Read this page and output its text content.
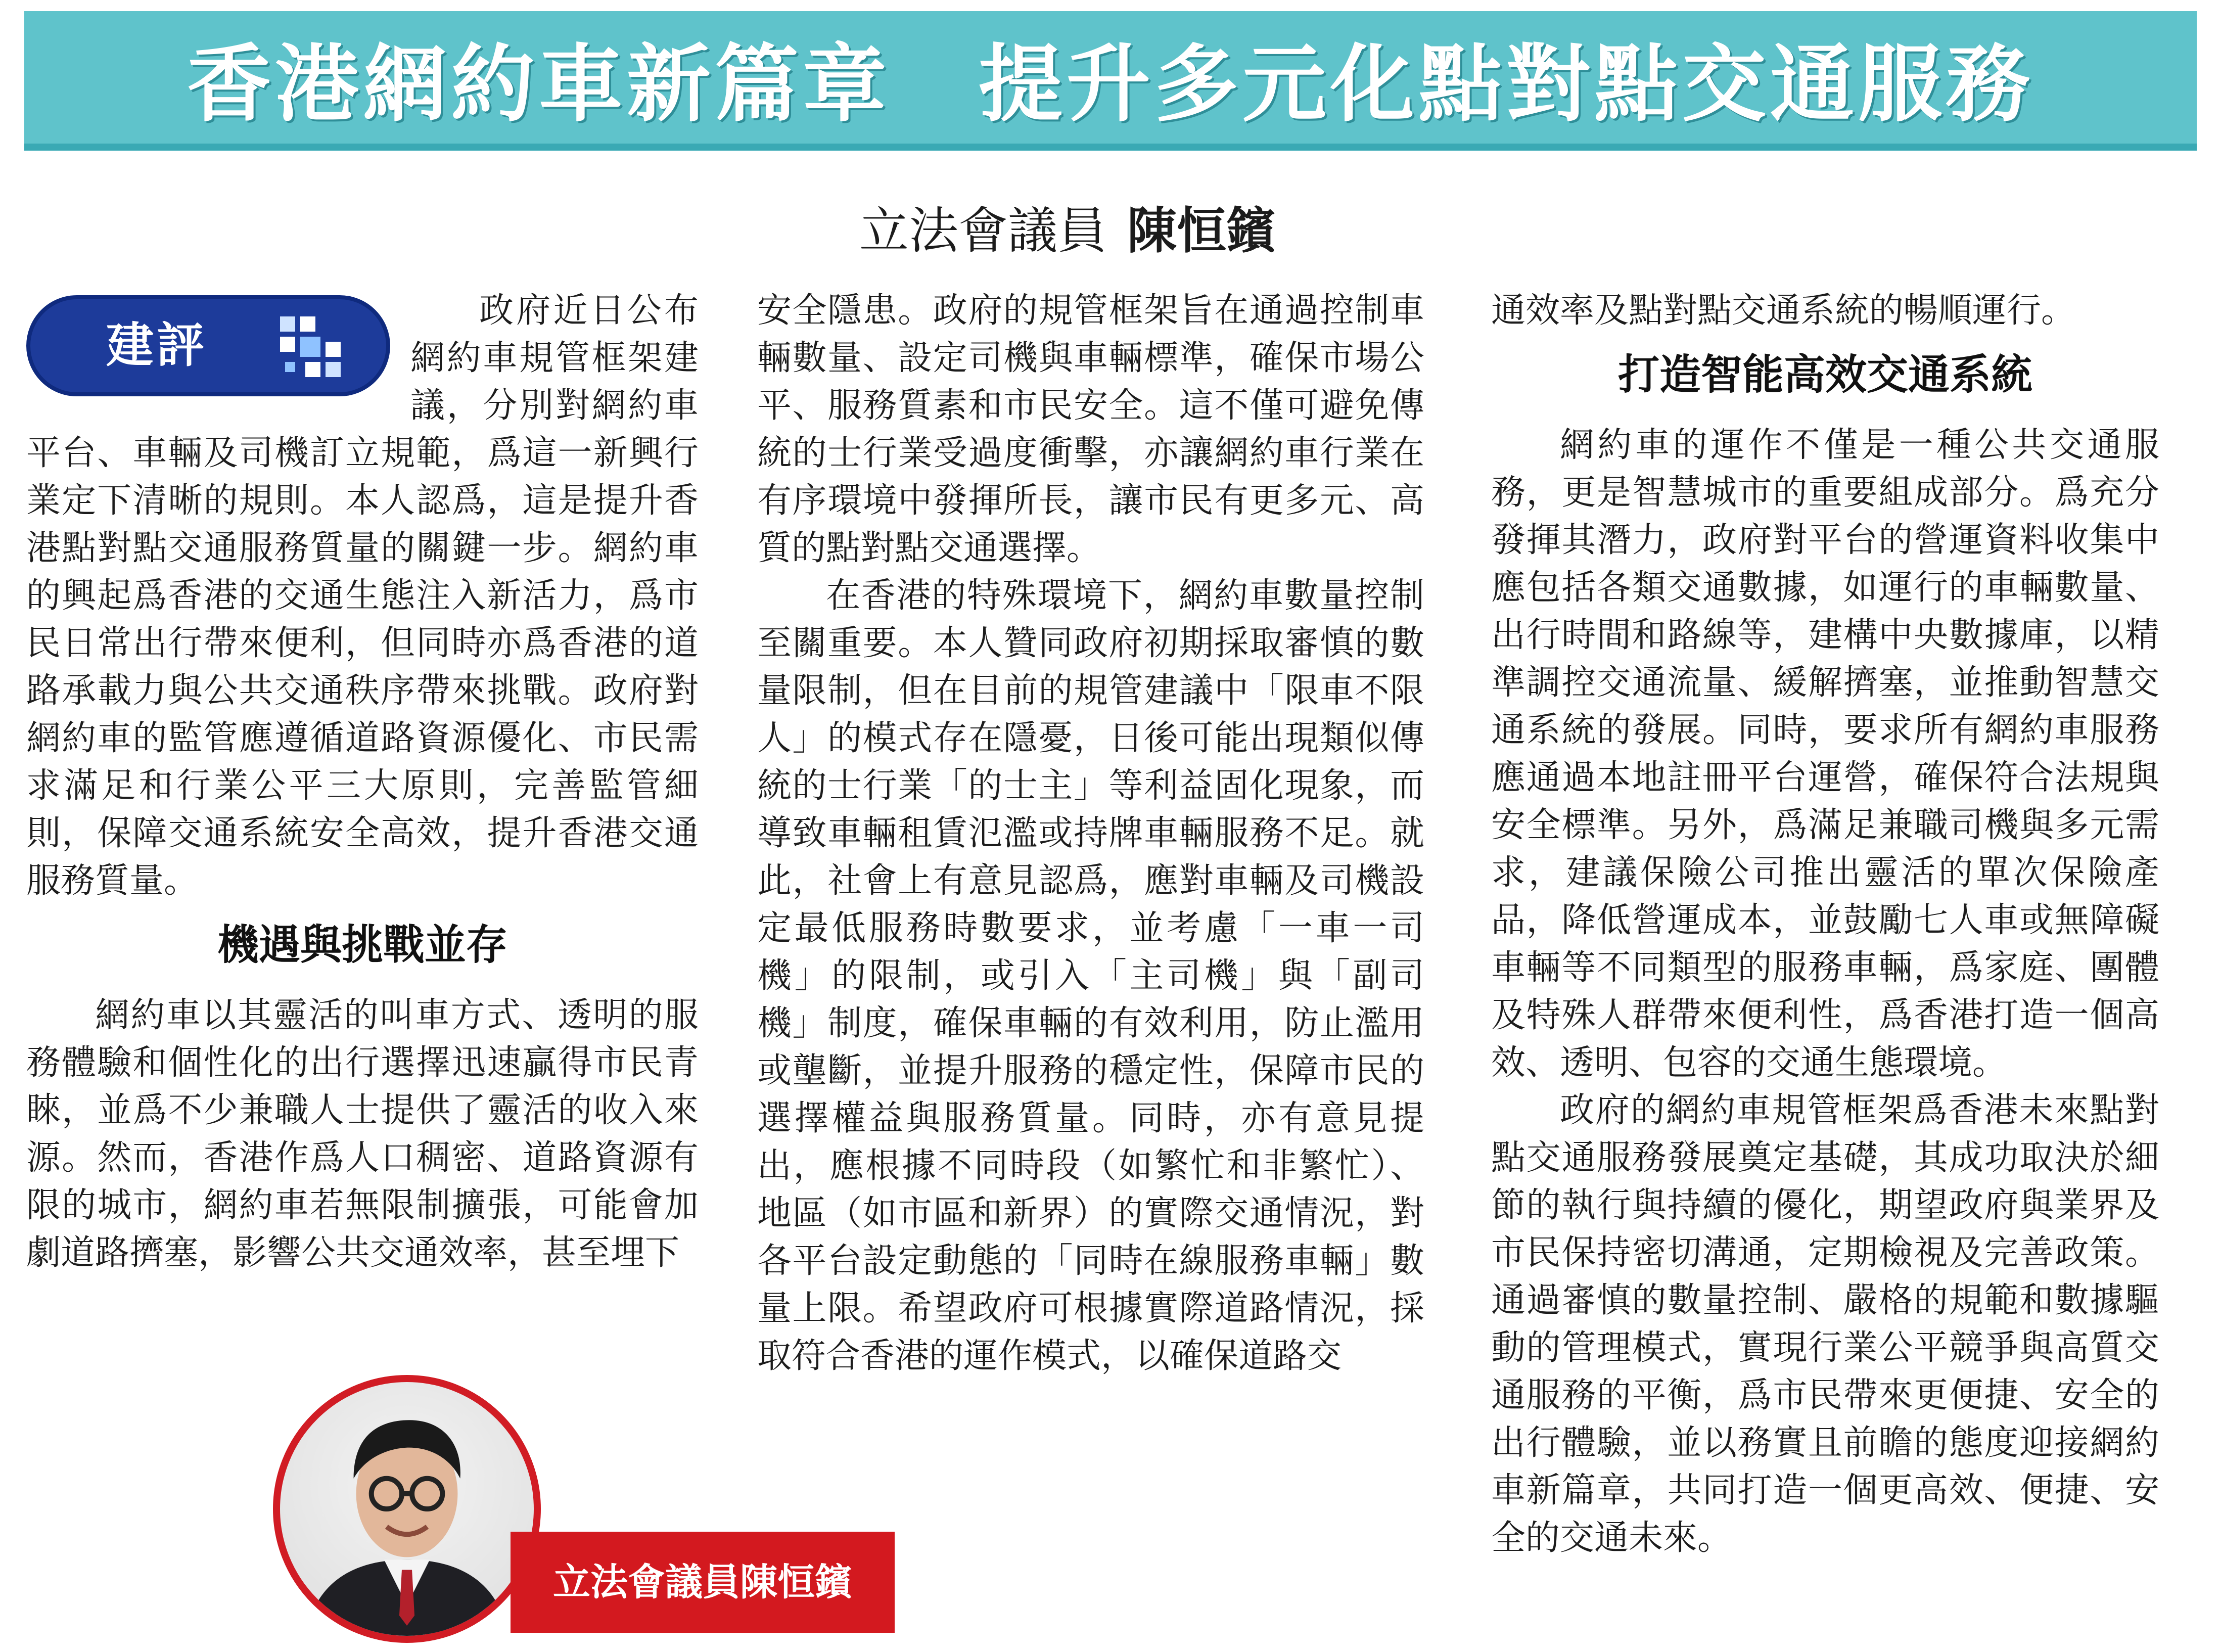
香港網約車新篇章　提升多元化點對點交通服務
立法會議員 陳恒鑌
建評

政府近日公布網約車規管框架建議，分別對網約車平台、車輛及司機訂立規範，爲這一新興行業定下清晰的規則。本人認爲，這是提升香港點對點交通服務質量的關鍵一步。網約車的興起爲香港的交通生態注入新活力，爲市民日常出行帶來便利，但同時亦爲香港的道路承載力與公共交通秩序帶來挑戰。政府對網約車的監管應遵循道路資源優化、市民需求滿足和行業公平三大原則，完善監管細則，保障交通系統安全高效，提升香港交通服務質量。

機遇與挑戰並存

網約車以其靈活的叫車方式、透明的服務體驗和個性化的出行選擇迅速贏得市民青睞，並爲不少兼職人士提供了靈活的收入來源。然而，香港作爲人口稠密、道路資源有限的城市，網約車若無限制擴張，可能會加劇道路擠塞，影響公共交通效率，甚至埋下

安全隱患。政府的規管框架旨在通過控制車輛數量、設定司機與車輛標準，確保市場公平、服務質素和市民安全。這不僅可避免傳統的士行業受過度衝擊，亦讓網約車行業在有序環境中發揮所長，讓市民有更多元、高質的點對點交通選擇。

在香港的特殊環境下，網約車數量控制至關重要。本人贊同政府初期採取審慎的數量限制，但在目前的規管建議中「限車不限人」的模式存在隱憂，日後可能出現類似傳統的士行業「的士主」等利益固化現象，而導致車輛租賃氾濫或持牌車輛服務不足。就此，社會上有意見認爲，應對車輛及司機設定最低服務時數要求，並考慮「一車一司機」的限制，或引入「主司機」與「副司機」制度，確保車輛的有效利用，防止濫用或壟斷，並提升服務的穩定性，保障市民的選擇權益與服務質量。同時，亦有意見提出，應根據不同時段（如繁忙和非繁忙）、地區（如市區和新界）的實際交通情況，對各平台設定動態的「同時在線服務車輛」數量上限。希望政府可根據實際道路情況，採取符合香港的運作模式，以確保道路交

通效率及點對點交通系統的暢順運行。

打造智能高效交通系統

網約車的運作不僅是一種公共交通服務，更是智慧城市的重要組成部分。爲充分發揮其潛力，政府對平台的營運資料收集中應包括各類交通數據，如運行的車輛數量、出行時間和路線等，建構中央數據庫，以精準調控交通流量、緩解擠塞，並推動智慧交通系統的發展。同時，要求所有網約車服務應通過本地註冊平台運營，確保符合法規與安全標準。另外，爲滿足兼職司機與多元需求，建議保險公司推出靈活的單次保險產品，降低營運成本，並鼓勵七人車或無障礙車輛等不同類型的服務車輛，爲家庭、團體及特殊人群帶來便利性，爲香港打造一個高效、透明、包容的交通生態環境。

政府的網約車規管框架爲香港未來點對點交通服務發展奠定基礎，其成功取決於細節的執行與持續的優化，期望政府與業界及市民保持密切溝通，定期檢視及完善政策。通過審慎的數量控制、嚴格的規範和數據驅動的管理模式，實現行業公平競爭與高質交通服務的平衡，爲市民帶來更便捷、安全的出行體驗，並以務實且前瞻的態度迎接網約車新篇章，共同打造一個更高效、便捷、安全的交通未來。

立法會議員陳恒鑌
